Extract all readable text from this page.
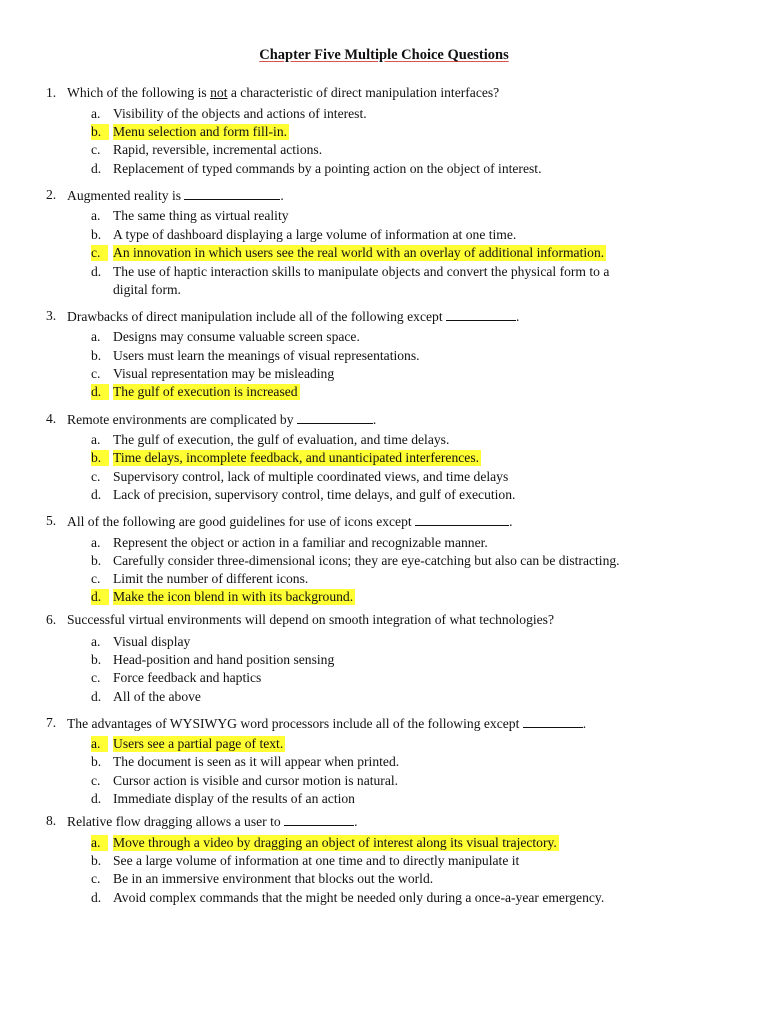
Chapter Five Multiple Choice Questions
1. Which of the following is not a characteristic of direct manipulation interfaces?
a. Visibility of the objects and actions of interest.
b. Menu selection and form fill-in.
c. Rapid, reversible, incremental actions.
d. Replacement of typed commands by a pointing action on the object of interest.
2. Augmented reality is	.
a. The same thing as virtual reality
b. A type of dashboard displaying a large volume of information at one time.
c. An innovation in which users see the real world with an overlay of additional information.
d. The use of haptic interaction skills to manipulate objects and convert the physical form to a
digital form.
3. Drawbacks of direct manipulation include all of the following except	.
a. Designs may consume valuable screen space.
b. Users must learn the meanings of visual representations.
c. Visual representation may be misleading
d. The gulf of execution is increased
4. Remote environments are complicated by	.
a. The gulf of execution, the gulf of evaluation, and time delays.
b. Time delays, incomplete feedback, and unanticipated interferences.
c. Supervisory control, lack of multiple coordinated views, and time delays
d. Lack of precision, supervisory control, time delays, and gulf of execution.
5. All of the following are good guidelines for use of icons except	.
a. Represent the object or action in a familiar and recognizable manner.
b. Carefully consider three-dimensional icons; they are eye-catching but also can be distracting.
c. Limit the number of different icons.
d. Make the icon blend in with its background.
6. Successful virtual environments will depend on smooth integration of what technologies?
a. Visual display
b. Head-position and hand position sensing
c. Force feedback and haptics
d. All of the above
7. The advantages of WYSIWYG word processors include all of the following except	.
a. Users see a partial page of text.
b. The document is seen as it will appear when printed.
c. Cursor action is visible and cursor motion is natural.
d. Immediate display of the results of an action
8. Relative flow dragging allows a user to	.
a. Move through a video by dragging an object of interest along its visual trajectory.
b. See a large volume of information at one time and to directly manipulate it
c. Be in an immersive environment that blocks out the world.
d. Avoid complex commands that the might be needed only during a once-a-year emergency.
